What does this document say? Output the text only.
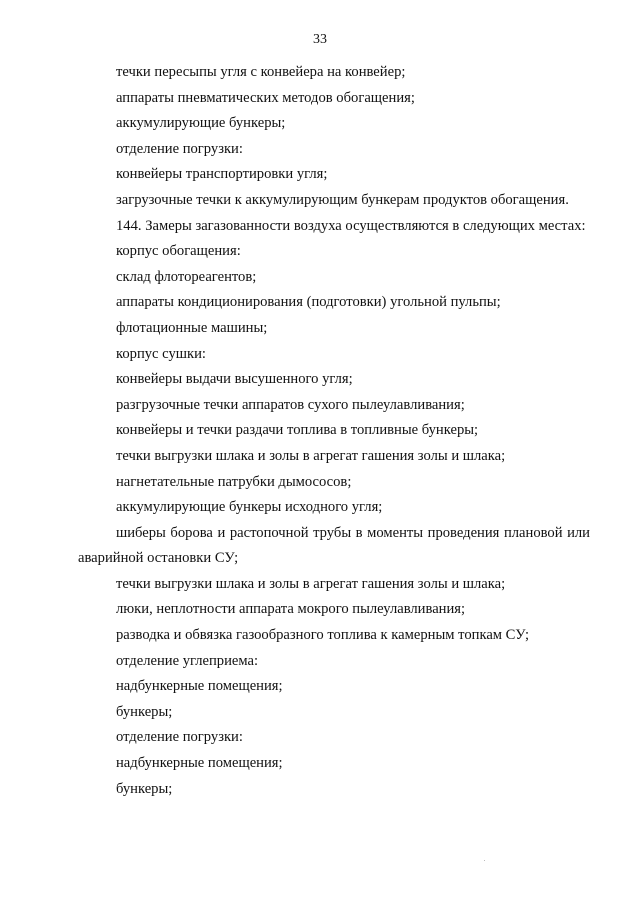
33
течки пересыпы угля с конвейера на конвейер;
аппараты пневматических методов обогащения;
аккумулирующие бункеры;
отделение погрузки:
конвейеры транспортировки угля;
загрузочные течки к аккумулирующим бункерам продуктов обогащения.
144. Замеры загазованности воздуха осуществляются в следующих местах:
корпус обогащения:
склад флотореагентов;
аппараты кондиционирования (подготовки) угольной пульпы;
флотационные машины;
корпус сушки:
конвейеры выдачи высушенного угля;
разгрузочные течки аппаратов сухого пылеулавливания;
конвейеры и течки раздачи топлива в топливные бункеры;
течки выгрузки шлака и золы в агрегат гашения золы и шлака;
нагнетательные патрубки дымососов;
аккумулирующие бункеры исходного угля;
шиберы борова и растопочной трубы в моменты проведения плановой или аварийной остановки СУ;
течки выгрузки шлака и золы в агрегат гашения золы и шлака;
люки, неплотности аппарата мокрого пылеулавливания;
разводка и обвязка газообразного топлива к камерным топкам СУ;
отделение углеприема:
надбункерные помещения;
бункеры;
отделение погрузки:
надбункерные помещения;
бункеры;
